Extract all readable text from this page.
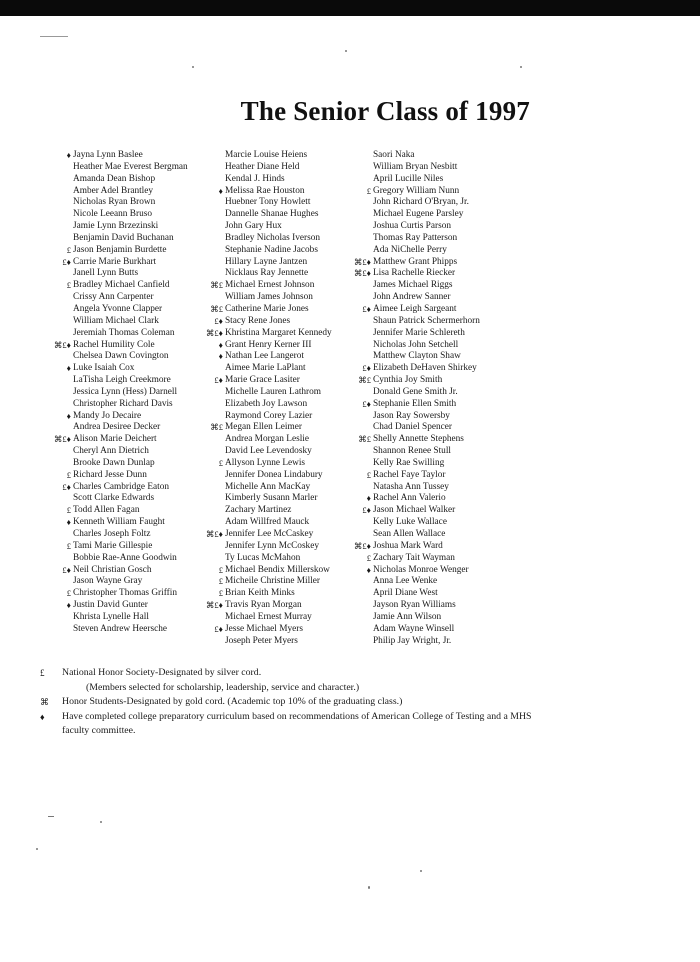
The Senior Class of 1997
♦ Jayna Lynn Baslee
Heather Mae Everest Bergman
Amanda Dean Bishop
Amber Adel Brantley
Nicholas Ryan Brown
Nicole Leeann Bruso
Jamie Lynn Brzezinski
Benjamin David Buchanan
£ Jason Benjamin Burdette
£♦ Carrie Marie Burkhart
Janell Lynn Butts
£ Bradley Michael Canfield
Crissy Ann Carpenter
Angela Yvonne Clapper
William Michael Clark
Jeremiah Thomas Coleman
⌘£♦ Rachel Humility Cole
Chelsea Dawn Covington
♦ Luke Isaiah Cox
LaTisha Leigh Creekmore
Jessica Lynn (Hess) Darnell
Christopher Richard Davis
♦ Mandy Jo Decaire
Andrea Desiree Decker
⌘£♦ Alison Marie Deichert
Cheryl Ann Dietrich
Brooke Dawn Dunlap
£ Richard Jesse Dunn
£♦ Charles Cambridge Eaton
Scott Clarke Edwards
£ Todd Allen Fagan
♦ Kenneth William Faught
Charles Joseph Foltz
£ Tami Marie Gillespie
Bobbie Rae-Anne Goodwin
£♦ Neil Christian Gosch
Jason Wayne Gray
£ Christopher Thomas Griffin
♦ Justin David Gunter
Khrista Lynelle Hall
Steven Andrew Heersche
Marcie Louise Heiens
Heather Diane Held
Kendal J. Hinds
♦ Melissa Rae Houston
Huebner Tony Howlett
Dannelle Shanae Hughes
John Gary Hux
Bradley Nicholas Iverson
Stephanie Nadine Jacobs
Hillary Layne Jantzen
Nicklaus Ray Jennette
⌘£ Michael Ernest Johnson
William James Johnson
⌘£ Catherine Marie Jones
£♦ Stacy Rene Jones
⌘£♦ Khristina Margaret Kennedy
♦ Grant Henry Kerner III
♦ Nathan Lee Langerot
Aimee Marie LaPlant
£♦ Marie Grace Lasiter
Michelle Lauren Lathrom
Elizabeth Joy Lawson
Raymond Corey Lazier
⌘£ Megan Ellen Leimer
Andrea Morgan Leslie
David Lee Levendosky
£ Allyson Lynne Lewis
Jennifer Donea Lindabury
Michelle Ann MacKay
Kimberly Susann Marler
Zachary Martinez
Adam Willfred Mauck
⌘£♦ Jennifer Lee McCaskey
Jennifer Lynn McCoskey
Ty Lucas McMahon
£ Michael Bendix Millerskow
£ Micheile Christine Miller
£ Brian Keith Minks
⌘£♦ Travis Ryan Morgan
Michael Ernest Murray
£♦ Jesse Michael Myers
Joseph Peter Myers
Saori Naka
William Bryan Nesbitt
April Lucille Niles
£ Gregory William Nunn
John Richard O'Bryan, Jr.
Michael Eugene Parsley
Joshua Curtis Parson
Thomas Ray Patterson
Ada NiChelle Perry
⌘£♦ Matthew Grant Phipps
⌘£♦ Lisa Rachelle Riecker
James Michael Riggs
John Andrew Sanner
£♦ Aimee Leigh Sargeant
Shaun Patrick Schermerhorn
Jennifer Marie Schlereth
Nicholas John Setchell
Matthew Clayton Shaw
£♦ Elizabeth DeHaven Shirkey
⌘£ Cynthia Joy Smith
Donald Gene Smith Jr.
£♦ Stephanie Ellen Smith
Jason Ray Sowersby
Chad Daniel Spencer
⌘£ Shelly Annette Stephens
Shannon Renee Stull
Kelly Rae Swilling
£ Rachel Faye Taylor
Natasha Ann Tussey
♦ Rachel Ann Valerio
£♦ Jason Michael Walker
Kelly Luke Wallace
Sean Allen Wallace
⌘£♦ Joshua Mark Ward
£ Zachary Tait Wayman
♦ Nicholas Monroe Wenger
Anna Lee Wenke
April Diane West
Jayson Ryan Williams
Jamie Ann Wilson
Adam Wayne Winsell
Philip Jay Wright, Jr.
£	National Honor Society-Designated by silver cord.
(Members selected for scholarship, leadership, service and character.)
⌘	Honor Students-Designated by gold cord. (Academic top 10% of the graduating class.)
♦	Have completed college preparatory curriculum based on recommendations of American College of Testing and a MHS faculty committee.
